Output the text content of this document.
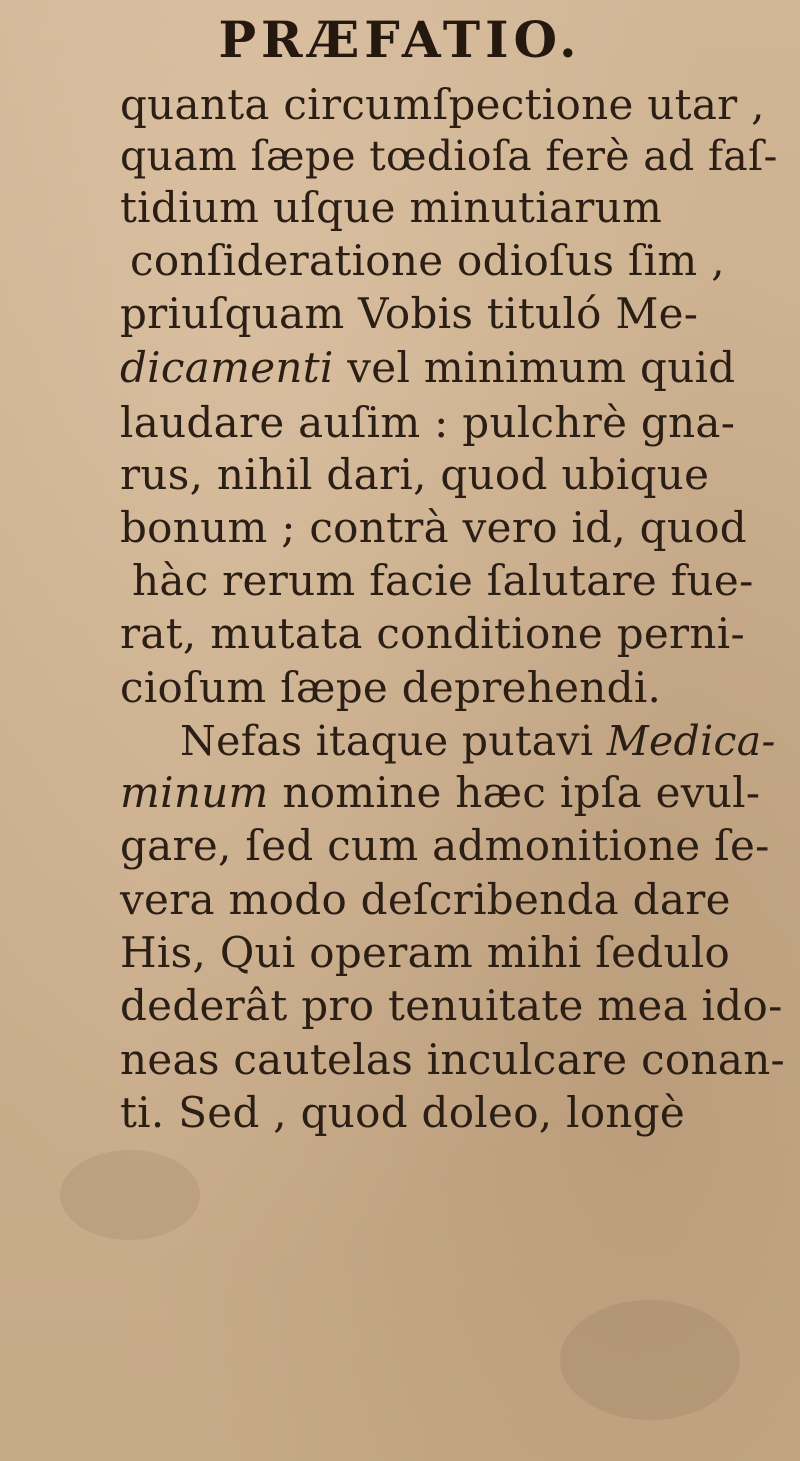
PRÆFATIO.
quanta circumſpectione utar ,
quam ſæpe tœdioſa ferè ad faſ-
tidium uſque minutiarum
conſideratione odioſus ſim ,
priuſquam Vobis tituló Me-
dicamenti vel minimum quid
laudare auſim : pulchrè gna-
rus, nihil dari, quod ubique
bonum ; contrà vero id, quod
hàc rerum facie ſalutare fue-
rat, mutata conditione perni-
cioſum ſæpe deprehendi.
Nefas itaque putavi Medica-
minum nomine hæc ipſa evul-
gare, ſed cum admonitione ſe-
vera modo deſcribenda dare
His, Qui operam mihi ſedulo
dederât pro tenuitate mea ido-
neas cautelas inculcare conan-
ti. Sed , quod doleo, longè
